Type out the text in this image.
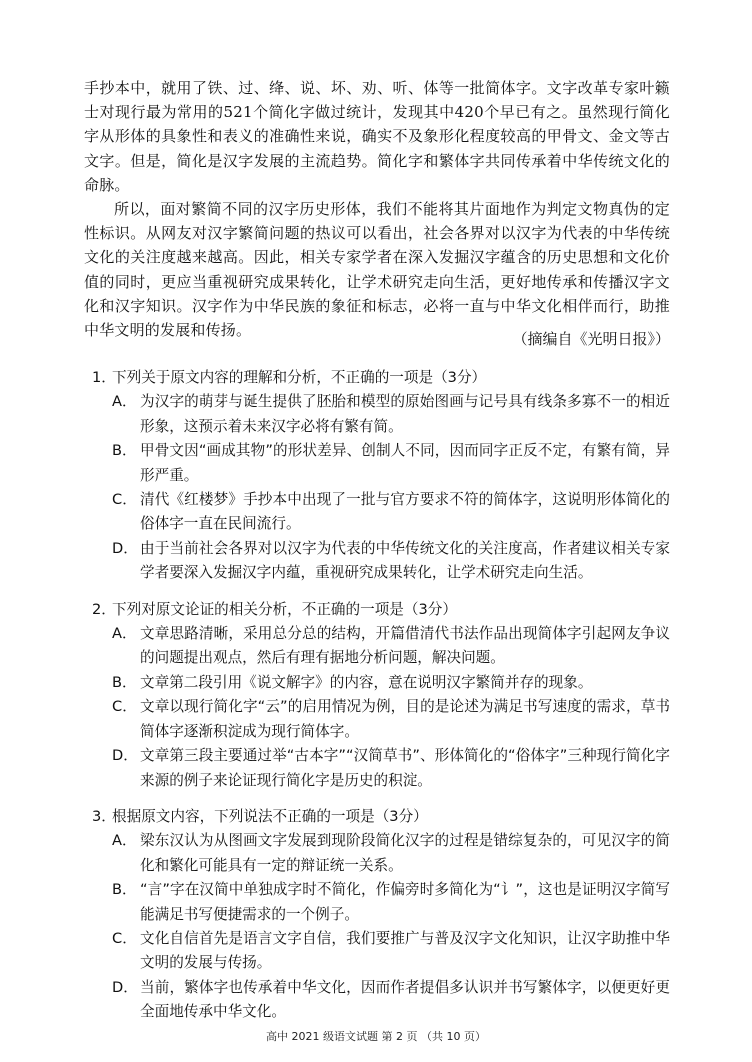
手抄本中，就用了铁、过、绛、说、坏、劝、听、体等一批简体字。文字改革专家叶籁士对现行最为常用的521个简化字做过统计，发现其中420个早已有之。虽然现行简化字从形体的具象性和表义的准确性来说，确实不及象形化程度较高的甲骨文、金文等古文字。但是，简化是汉字发展的主流趋势。简化字和繁体字共同传承着中华传统文化的命脉。

所以，面对繁简不同的汉字历史形体，我们不能将其片面地作为判定文物真伪的定性标识。从网友对汉字繁简问题的热议可以看出，社会各界对以汉字为代表的中华传统文化的关注度越来越高。因此，相关专家学者在深入发掘汉字蕴含的历史思想和文化价值的同时，更应当重视研究成果转化，让学术研究走向生活，更好地传承和传播汉字文化和汉字知识。汉字作为中华民族的象征和标志，必将一直与中华文化相伴而行，助推中华文明的发展和传扬。	（摘编自《光明日报》）
1．
下列关于原文内容的理解和分析，不正确的一项是（3分）
A． 为汉字的萌芽与诞生提供了胚胎和模型的原始图画与记号具有线条多寡不一的相近形象，这预示着未来汉字必将有繁有简。
B． 甲骨文因“画成其物”的形状差异、创制人不同，因而同字正反不定，有繁有简，异形严重。
C． 清代《红楼梦》手抄本中出现了一批与官方要求不符的简体字，这说明形体简化的俗体字一直在民间流行。
D． 由于当前社会各界对以汉字为代表的中华传统文化的关注度高，作者建议相关专家学者要深入发掘汉字内蕴，重视研究成果转化，让学术研究走向生活。
2．
下列对原文论证的相关分析，不正确的一项是（3分）
A． 文章思路清晰，采用总分总的结构，开篇借清代书法作品出现简体字引起网友争议的问题提出观点，然后有理有据地分析问题，解决问题。
B． 文章第二段引用《说文解字》的内容，意在说明汉字繁简并存的现象。
C． 文章以现行简化字“云”的启用情况为例，目的是论述为满足书写速度的需求，草书简体字逐渐积淀成为现行简体字。
D． 文章第三段主要通过举“古本字”“汉简草书”、形体简化的“俗体字”三种现行简化字来源的例子来论证现行简化字是历史的积淀。
3．
根据原文内容，下列说法不正确的一项是（3分）
A． 梁东汉认为从图画文字发展到现阶段简化汉字的过程是错综复杂的，可见汉字的简化和繁化可能具有一定的辩证统一关系。
B． “言”字在汉简中单独成字时不简化，作偏旁时多简化为“讠”，这也是证明汉字简写能满足书写便捷需求的一个例子。
C． 文化自信首先是语言文字自信，我们要推广与普及汉字文化知识，让汉字助推中华文明的发展与传扬。
D． 当前，繁体字也传承着中华文化，因而作者提倡多认识并书写繁体字，以便更好更全面地传承中华文化。
高中 2021 级语文试题 第 2 页 （共 10 页）
